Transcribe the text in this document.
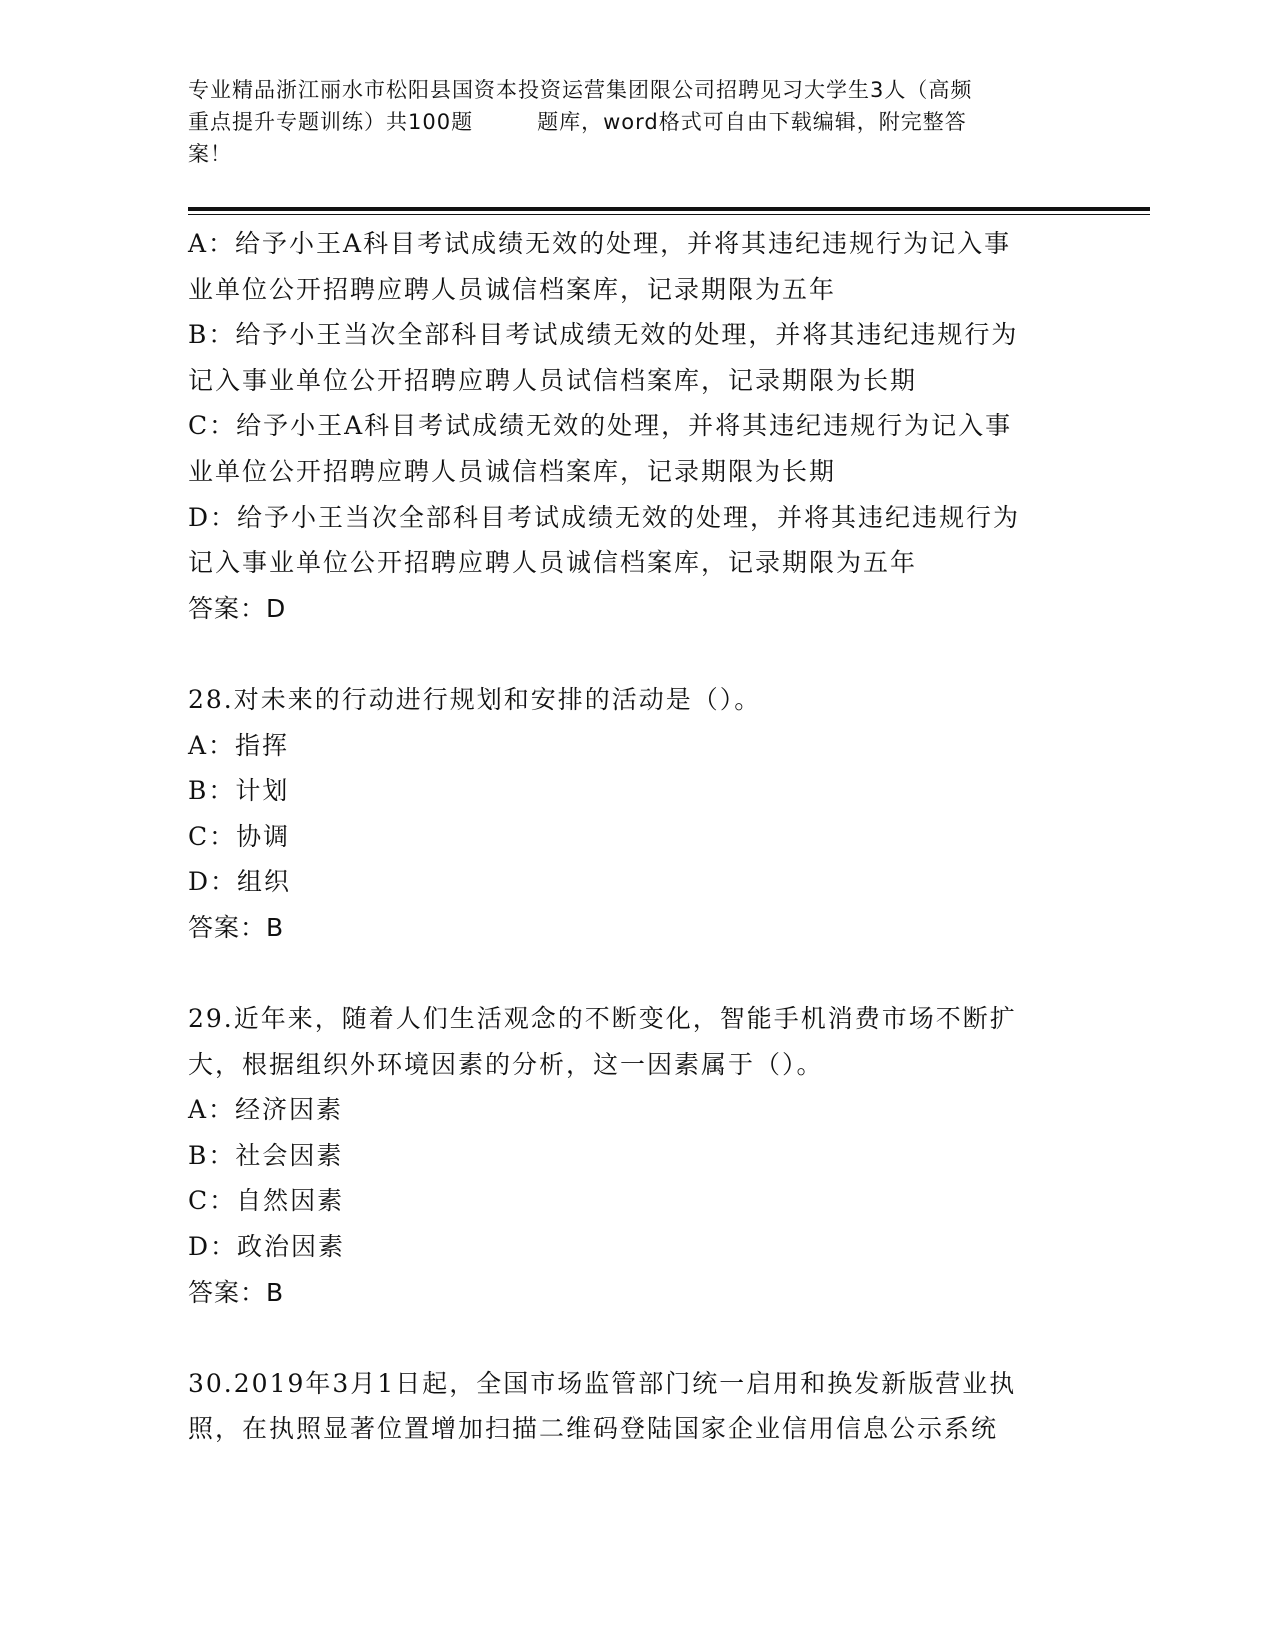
专业精品浙江丽水市松阳县国资本投资运营集团限公司招聘见习大学生3人（高频
重点提升专题训练）共100题	题库，word格式可自由下载编辑，附完整答
案！
A：给予小王A科目考试成绩无效的处理，并将其违纪违规行为记入事
业单位公开招聘应聘人员诚信档案库，记录期限为五年
B：给予小王当次全部科目考试成绩无效的处理，并将其违纪违规行为
记入事业单位公开招聘应聘人员试信档案库，记录期限为长期
C：给予小王A科目考试成绩无效的处理，并将其违纪违规行为记入事
业单位公开招聘应聘人员诚信档案库，记录期限为长期
D：给予小王当次全部科目考试成绩无效的处理，并将其违纪违规行为
记入事业单位公开招聘应聘人员诚信档案库，记录期限为五年
答案：D
28.对未来的行动进行规划和安排的活动是（）。
A：指挥
B：计划
C：协调
D：组织
答案：B
29.近年来，随着人们生活观念的不断变化，智能手机消费市场不断扩
大，根据组织外环境因素的分析，这一因素属于（）。
A：经济因素
B：社会因素
C：自然因素
D：政治因素
答案：B
30.2019年3月1日起，全国市场监管部门统一启用和换发新版营业执
照，在执照显著位置增加扫描二维码登陆国家企业信用信息公示系统
